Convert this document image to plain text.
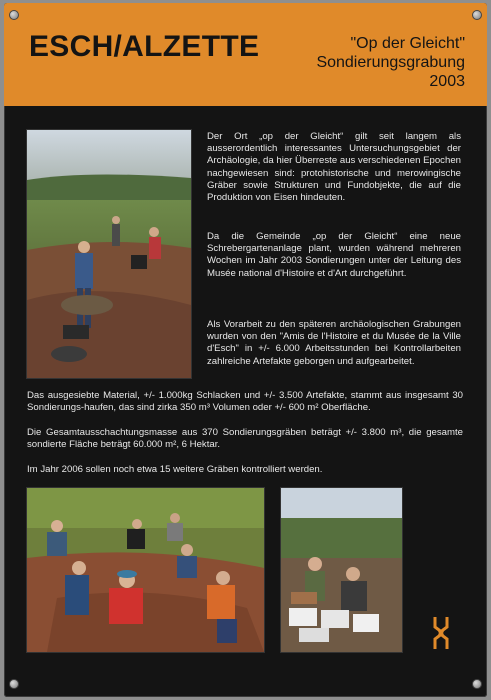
ESCH/ALZETTE	"Op der Gleicht"
Sondierungsgrabung
2003

Der Ort „op der Gleicht“ gilt seit langem als ausserordentlich interessantes Untersuchungsgebiet der Archäologie, da hier Überreste aus verschiedenen Epochen nachgewiesen sind: protohistorische und merowingische Gräber sowie Strukturen und Fundobjekte, die auf die Produktion von Eisen hindeuten.

Da die Gemeinde „op der Gleicht“ eine neue Schrebergartenanlage plant, wurden während mehreren Wochen im Jahr 2003 Sondierungen unter der Leitung des Musée national d'Histoire et d'Art durchgeführt.

Als Vorarbeit zu den späteren archäologischen Grabungen wurden von den "Amis de l'Histoire et du Musée de la Ville d'Esch" in +/- 6.000 Arbeitsstunden bei Kontrollarbeiten zahlreiche Artefakte geborgen und aufgearbeitet.

Das ausgesiebte Material, +/- 1.000kg Schlacken und +/- 3.500 Artefakte, stammt aus insgesamt 30 Sondierungs-haufen, das sind zirka 350 m³ Volumen oder +/- 600 m² Oberfläche.

Die Gesamtausschachtungsmasse aus 370 Sondierungsgräben beträgt +/- 3.800 m³, die gesamte sondierte Fläche beträgt 60.000 m², 6 Hektar.

Im Jahr 2006 sollen noch etwa 15 weitere Gräben kontrolliert werden.
